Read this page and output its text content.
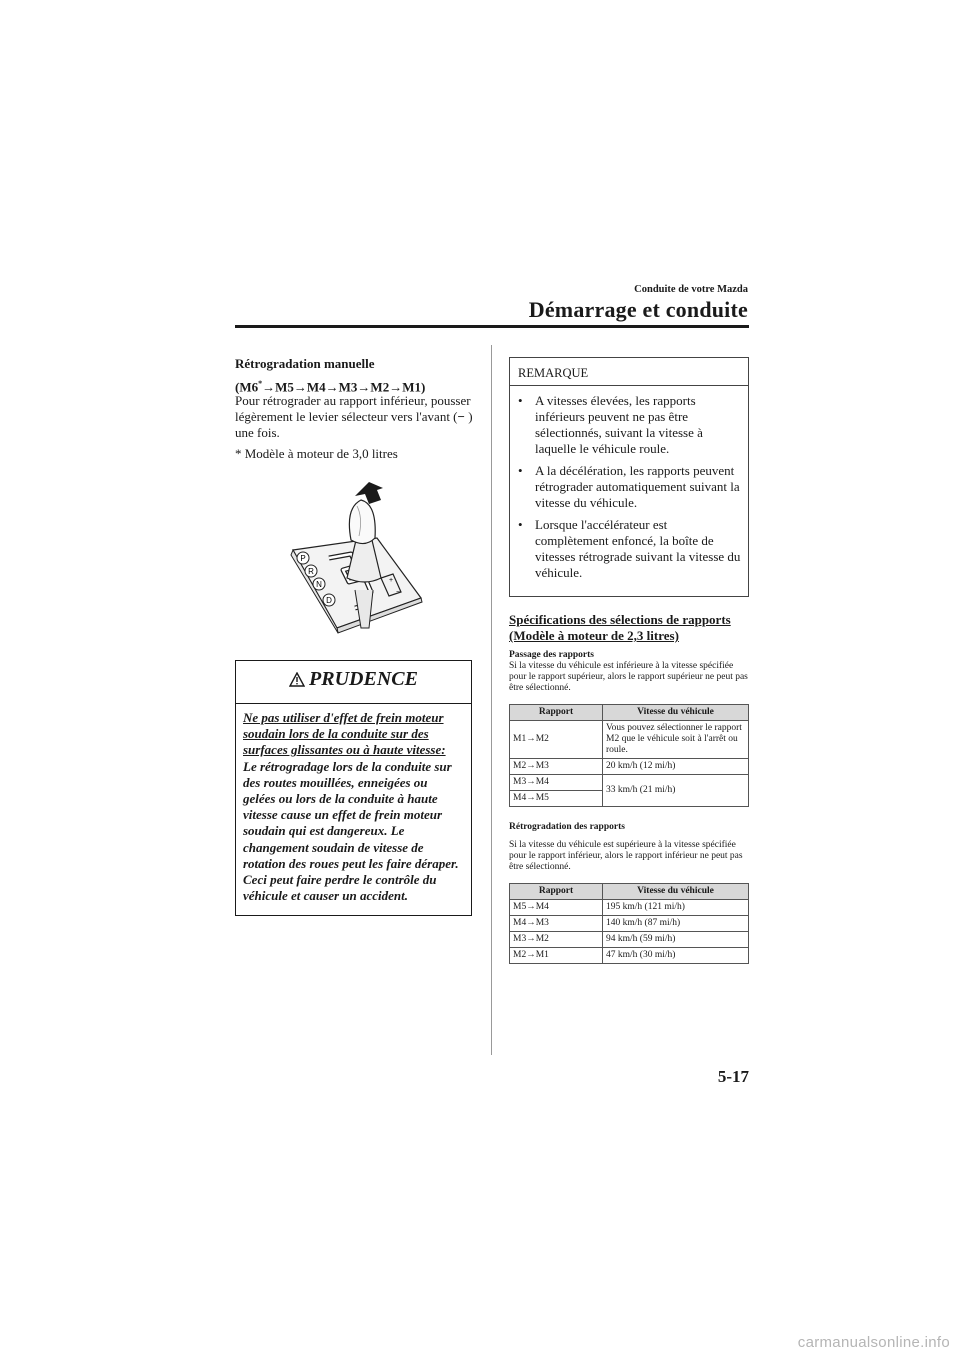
Conduite de votre Mazda
Démarrage et conduite
Rétrogradation manuelle
(M6*→M5→M4→M3→M2→M1)
Pour rétrograder au rapport inférieur, pousser légèrement le levier sélecteur vers l'avant (− ) une fois.
* Modèle à moteur de 3,0 litres
P
R
N
D
+
−
PRUDENCE
Ne pas utiliser d'effet de frein moteur soudain lors de la conduite sur des surfaces glissantes ou à haute vitesse:
Le rétrogradage lors de la conduite sur des routes mouillées, enneigées ou gelées ou lors de la conduite à haute vitesse cause un effet de frein moteur soudain qui est dangereux. Le changement soudain de vitesse de rotation des roues peut les faire déraper. Ceci peut faire perdre le contrôle du véhicule et causer un accident.
REMARQUE
• A vitesses élevées, les rapports inférieurs peuvent ne pas être sélectionnés, suivant la vitesse à laquelle le véhicule roule.
• A la décélération, les rapports peuvent rétrograder automatiquement suivant la vitesse du véhicule.
• Lorsque l'accélérateur est complètement enfoncé, la boîte de vitesses rétrograde suivant la vitesse du véhicule.
Spécifications des sélections de rapports (Modèle à moteur de 2,3 litres)
Passage des rapports
Si la vitesse du véhicule est inférieure à la vitesse spécifiée pour le rapport supérieur, alors le rapport supérieur ne peut pas être sélectionné.
Rapport	Vitesse du véhicule
M1→M2	Vous pouvez sélectionner le rapport M2 que le véhicule soit à l'arrêt ou roule.
M2→M3	20 km/h (12 mi/h)
M3→M4	33 km/h (21 mi/h)
M4→M5	
Rétrogradation des rapports
Si la vitesse du véhicule est supérieure à la vitesse spécifiée pour le rapport inférieur, alors le rapport inférieur ne peut pas être sélectionné.
Rapport	Vitesse du véhicule
M5→M4	195 km/h (121 mi/h)
M4→M3	140 km/h (87 mi/h)
M3→M2	94 km/h (59 mi/h)
M2→M1	47 km/h (30 mi/h)
5-17
carmanualsonline.info
